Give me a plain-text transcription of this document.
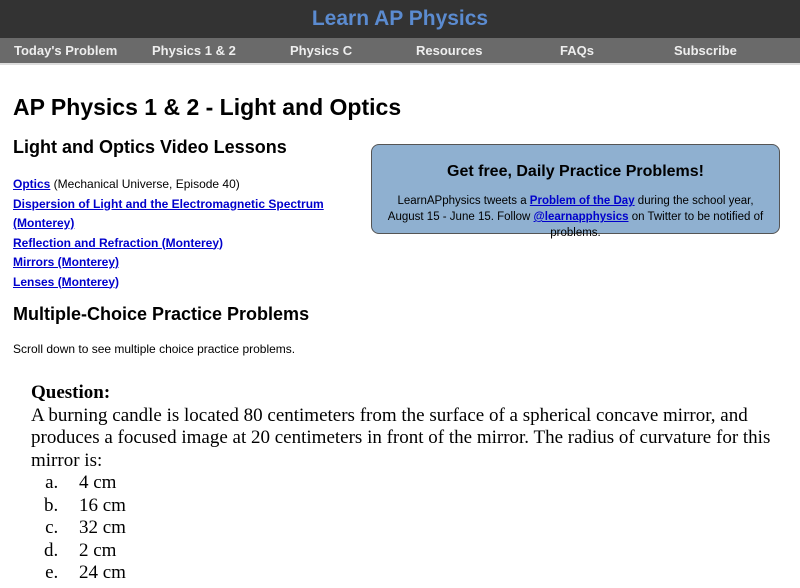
Learn AP Physics
Today's Problem	Physics 1 & 2	Physics C	Resources	FAQs	Subscribe
AP Physics 1 & 2 - Light and Optics
Light and Optics Video Lessons
Optics (Mechanical Universe, Episode 40)
Dispersion of Light and the Electromagnetic Spectrum (Monterey)
Reflection and Refraction (Monterey)
Mirrors (Monterey)
Lenses (Monterey)
Get free, Daily Practice Problems!
LearnAPphysics tweets a Problem of the Day during the school year, August 15 - June 15. Follow @learnapphysics on Twitter to be notified of problems.
Multiple-Choice Practice Problems
Scroll down to see multiple choice practice problems.
Question:
A burning candle is located 80 centimeters from the surface of a spherical concave mirror, and produces a focused image at 20 centimeters in front of the mirror. The radius of curvature for this mirror is:
a. 4 cm
b. 16 cm
c. 32 cm
d. 2 cm
e. 24 cm
